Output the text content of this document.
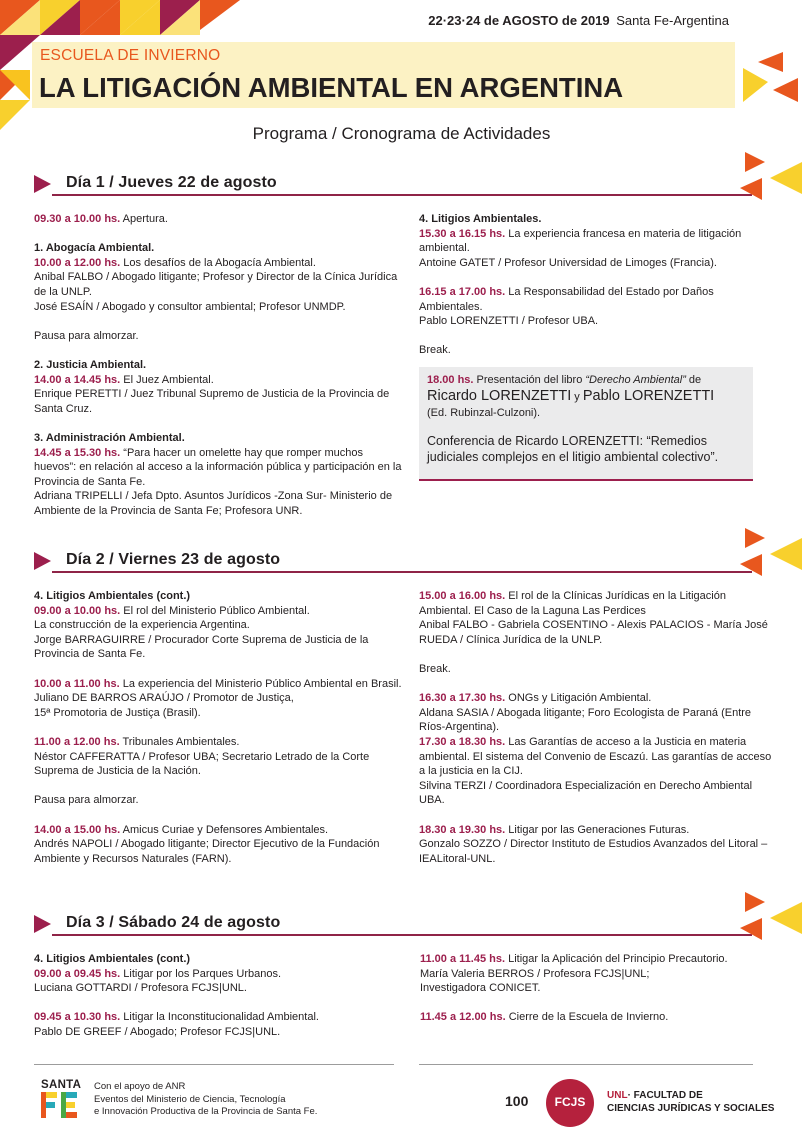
22·23·24 de AGOSTO de 2019 Santa Fe-Argentina
ESCUELA DE INVIERNO
LA LITIGACIÓN AMBIENTAL EN ARGENTINA
Programa / Cronograma de Actividades
Día 1 / Jueves 22 de agosto
09.30 a 10.00 hs. Apertura.
1. Abogacía Ambiental.
10.00 a 12.00 hs. Los desafíos de la Abogacía Ambiental.
Anibal FALBO / Abogado litigante; Profesor y Director de la Cínica Jurídica de la UNLP.
José ESAÍN / Abogado y consultor ambiental; Profesor UNMDP.
Pausa para almorzar.
2. Justicia Ambiental.
14.00 a 14.45 hs. El Juez Ambiental.
Enrique PERETTI / Juez Tribunal Supremo de Justicia de la Provincia de Santa Cruz.
3. Administración Ambiental.
14.45 a 15.30 hs. “Para hacer un omelette hay que romper muchos huevos”: en relación al acceso a la información pública y participación en la Provincia de Santa Fe.
Adriana TRIPELLI / Jefa Dpto. Asuntos Jurídicos -Zona Sur- Ministerio de Ambiente de la Provincia de Santa Fe; Profesora UNR.
4. Litigios Ambientales.
15.30 a 16.15 hs. La experiencia francesa en materia de litigación ambiental.
Antoine GATET / Profesor Universidad de Limoges (Francia).
16.15 a 17.00 hs. La Responsabilidad del Estado por Daños Ambientales.
Pablo LORENZETTI / Profesor UBA.
Break.
18.00 hs. Presentación del libro “Derecho Ambiental” de
Ricardo LORENZETTI y Pablo LORENZETTI
(Ed. Rubinzal-Culzoni).
Conferencia de Ricardo LORENZETTI: “Remedios judiciales complejos en el litigio ambiental colectivo”.
Día 2 / Viernes 23 de agosto
4. Litigios Ambientales (cont.)
09.00 a 10.00 hs. El rol del Ministerio Público Ambiental.
La construcción de la experiencia Argentina.
Jorge BARRAGUIRRE / Procurador Corte Suprema de Justicia de la Provincia de Santa Fe.
10.00 a 11.00 hs. La experiencia del Ministerio Público Ambiental en Brasil.
Juliano DE BARROS ARAÚJO / Promotor de Justiça,
15ª Promotoria de Justiça (Brasil).
11.00 a 12.00 hs. Tribunales Ambientales.
Néstor CAFFERATTA / Profesor UBA; Secretario Letrado de la Corte Suprema de Justicia de la Nación.
Pausa para almorzar.
14.00 a 15.00 hs. Amicus Curiae y Defensores Ambientales.
Andrés NAPOLI / Abogado litigante; Director Ejecutivo de la Fundación Ambiente y Recursos Naturales (FARN).
15.00 a 16.00 hs. El rol de la Clínicas Jurídicas en la Litigación Ambiental. El Caso de la Laguna Las Perdices
Anibal FALBO - Gabriela COSENTINO - Alexis PALACIOS - María José RUEDA / Clínica Jurídica de la UNLP.
Break.
16.30 a 17.30 hs. ONGs y Litigación Ambiental.
Aldana SASIA / Abogada litigante; Foro Ecologista de Paraná (Entre Ríos-Argentina).
17.30 a 18.30 hs. Las Garantías de acceso a la Justicia en materia ambiental. El sistema del Convenio de Escazú. Las garantías de acceso a la justicia en la CIJ.
Silvina TERZI / Coordinadora Especialización en Derecho Ambiental UBA.
18.30 a 19.30 hs. Litigar por las Generaciones Futuras.
Gonzalo SOZZO / Director Instituto de Estudios Avanzados del Litoral – IEALitoral-UNL.
Día 3 / Sábado 24 de agosto
4. Litigios Ambientales (cont.)
09.00 a 09.45 hs. Litigar por los Parques Urbanos.
Luciana GOTTARDI / Profesora FCJS|UNL.
09.45 a 10.30 hs. Litigar la Inconstitucionalidad Ambiental.
Pablo DE GREEF / Abogado; Profesor FCJS|UNL.
11.00 a 11.45 hs. Litigar la Aplicación del Principio Precautorio.
María Valeria BERROS / Profesora FCJS|UNL;
Investigadora CONICET.
11.45 a 12.00 hs. Cierre de la Escuela de Invierno.
SANTA	Con el apoyo de ANR
Eventos del Ministerio de Ciencia, Tecnología
e Innovación Productiva de la Provincia de Santa Fe.
100	FCJS	UNL· FACULTAD DE
CIENCIAS JURÍDICAS Y SOCIALES
